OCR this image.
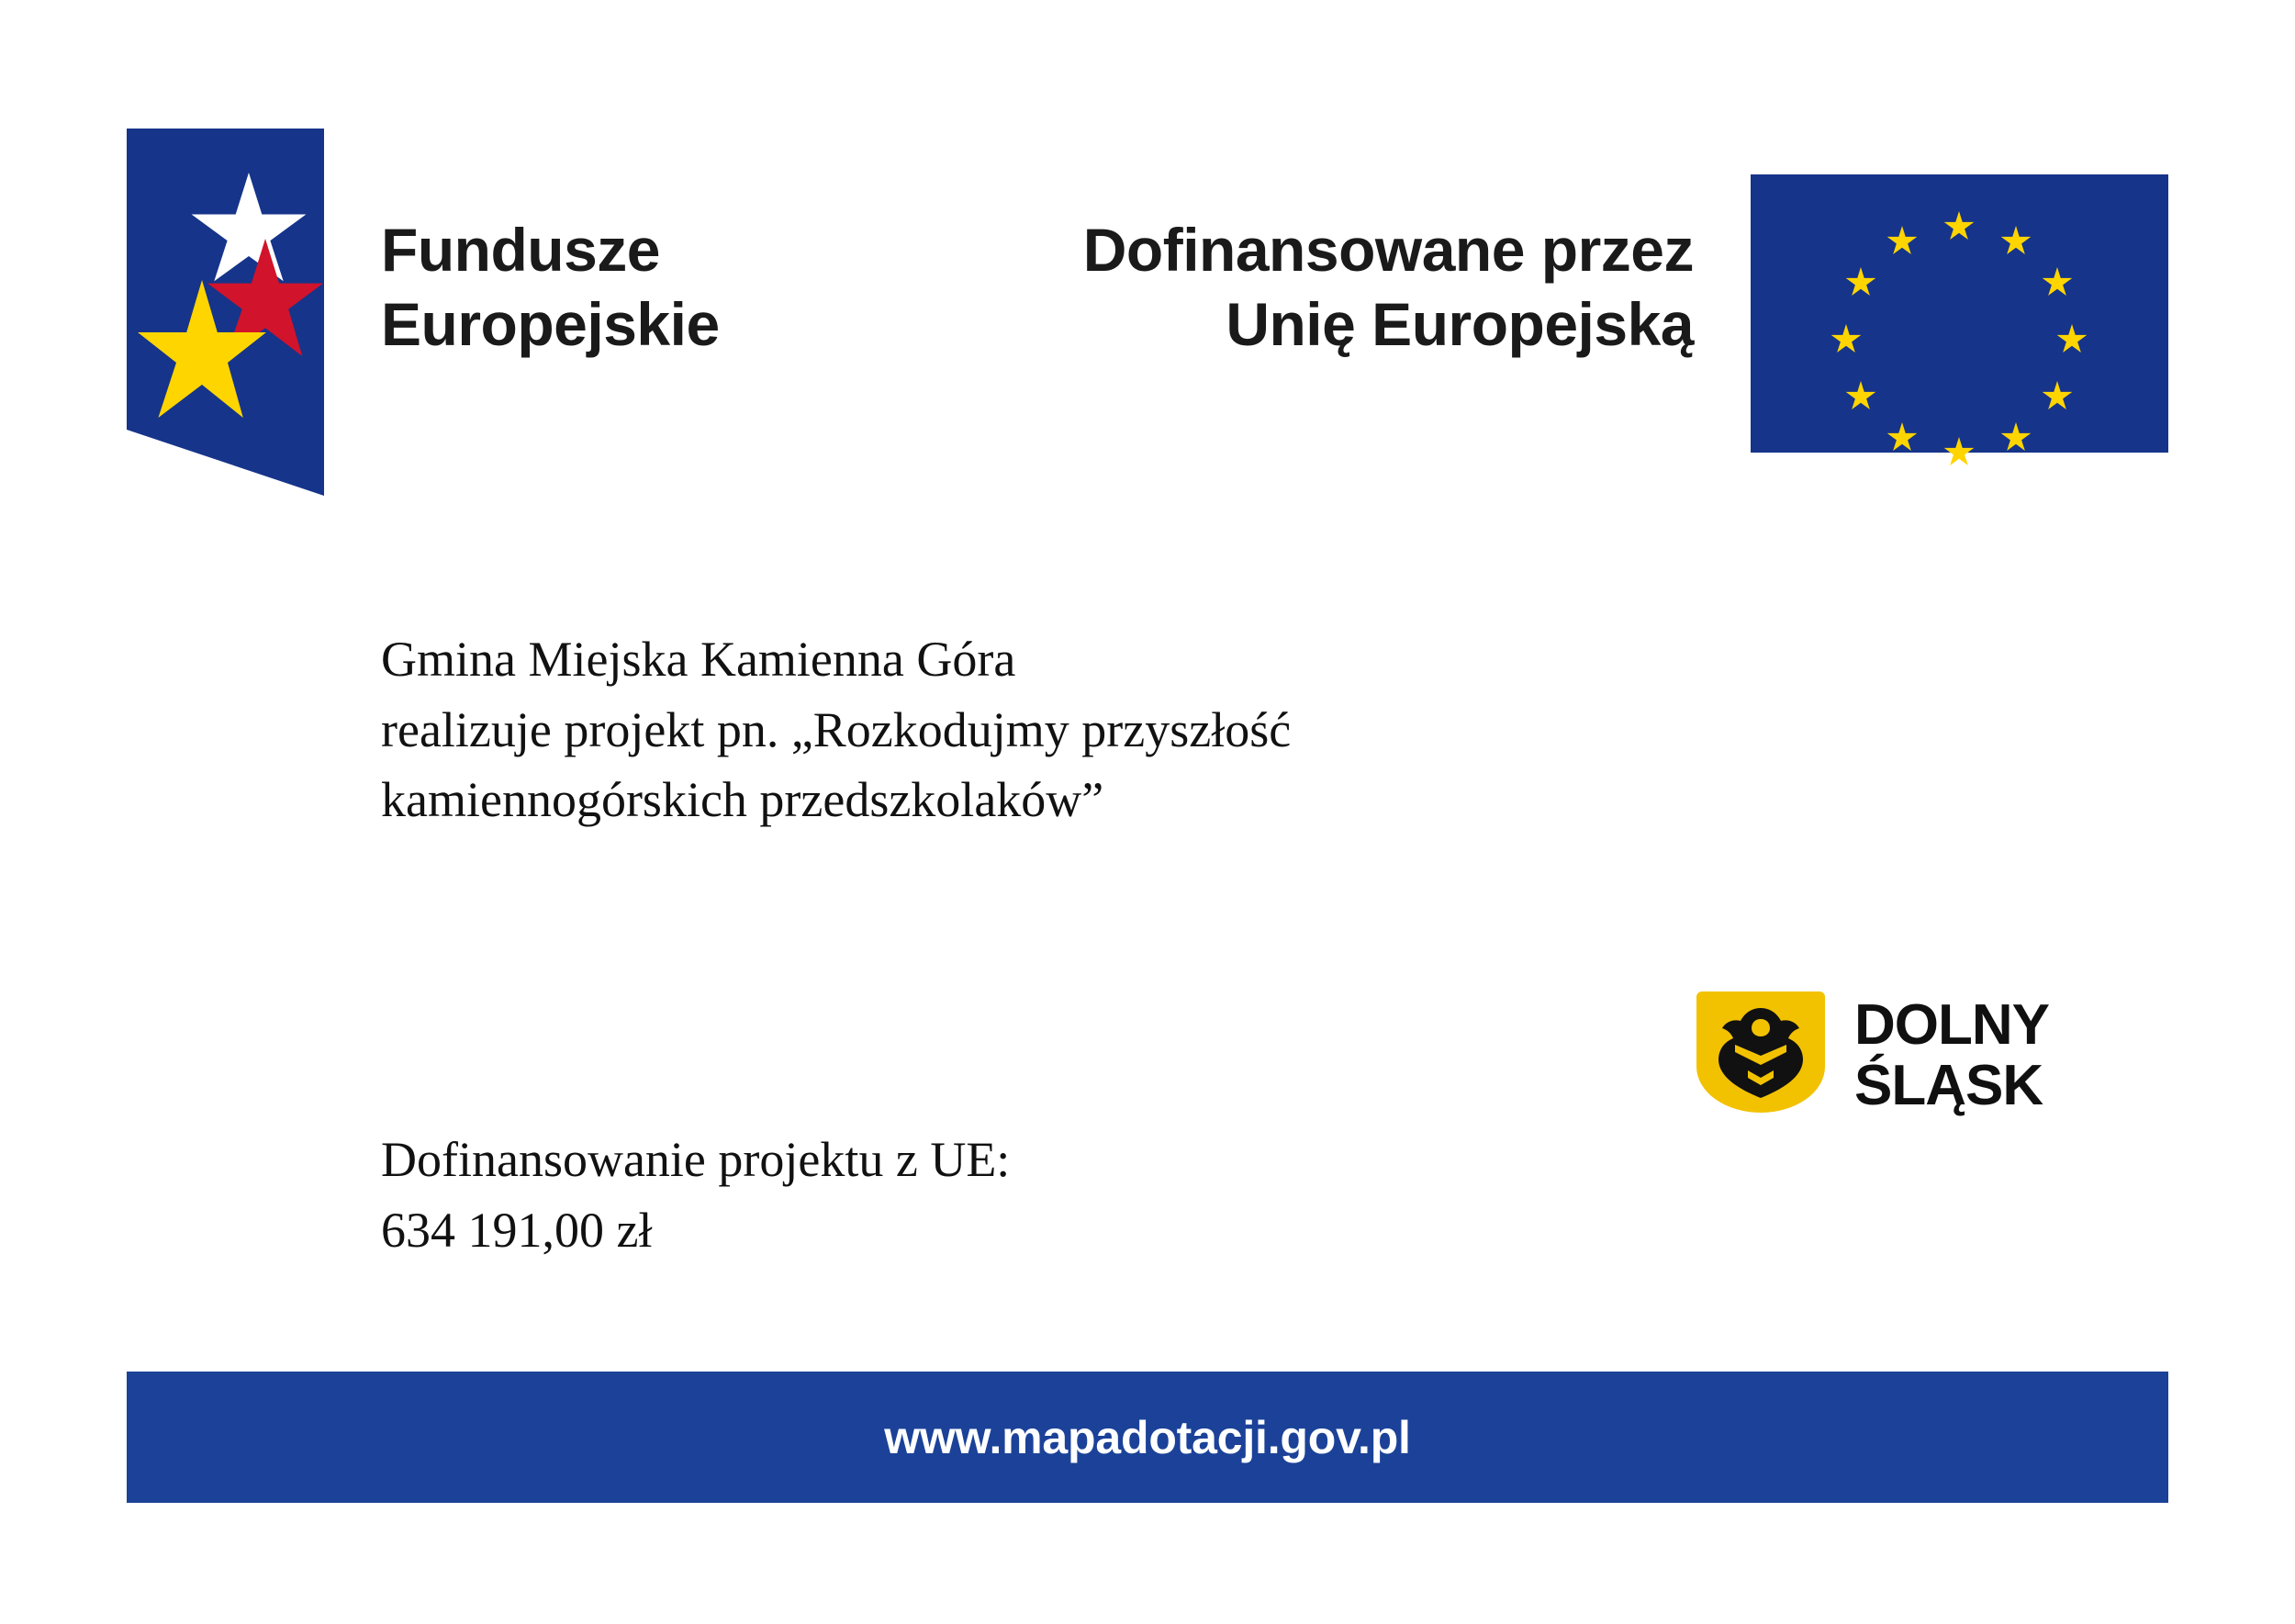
Fundusze
Europejskie
Dofinansowane przez
Unię Europejską
Gmina Miejska Kamienna Góra
realizuje projekt pn. „Rozkodujmy przyszłość
kamiennogórskich przedszkolaków”
DOLNY
ŚLĄSK
Dofinansowanie projektu z UE:
634 191,00 zł
www.mapadotacji.gov.pl
